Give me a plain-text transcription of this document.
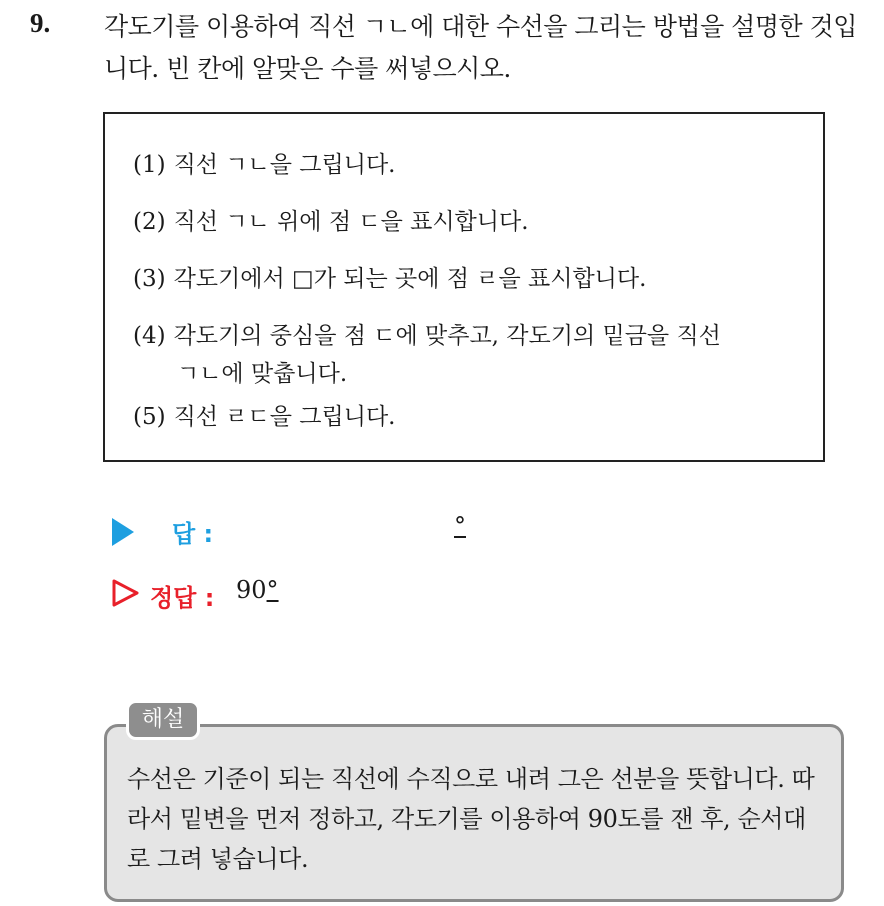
9. 각도기를 이용하여 직선 ㄱㄴ에 대한 수선을 그리는 방법을 설명한 것입니다. 빈 칸에 알맞은 수를 써넣으시오.
(1) 직선 ㄱㄴ을 그립니다.
(2) 직선 ㄱㄴ 위에 점 ㄷ을 표시합니다.
(3) 각도기에서 □가 되는 곳에 점 ㄹ을 표시합니다.
(4) 각도기의 중심을 점 ㄷ에 맞추고, 각도기의 밑금을 직선
ㄱㄴ에 맞춥니다.
(5) 직선 ㄹㄷ을 그립니다.
답 :	°
정답 : 90°
수선은 기준이 되는 직선에 수직으로 내려 그은 선분을 뜻합니다. 따라서 밑변을 먼저 정하고, 각도기를 이용하여 90도를 잰 후, 순서대로 그려 넣습니다.
해설
